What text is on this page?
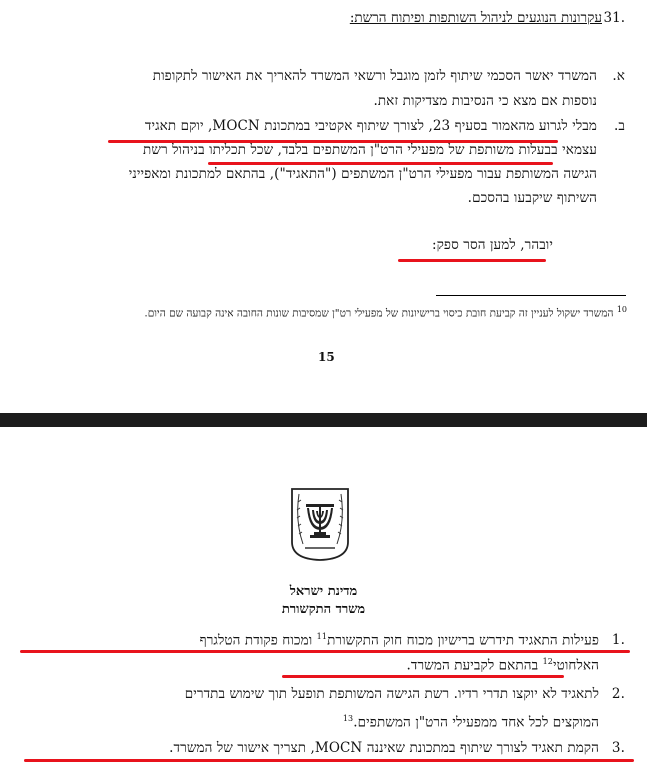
31.
עקרונות הנוגעים לניהול השותפות ופיתוח הרשת:
א.
המשרד יאשר הסכמי שיתוף לזמן מוגבל ורשאי המשרד להאריך את האישור לתקופות
נוספות אם מצא כי הנסיבות מצדיקות זאת.
ב.
מבלי לגרוע מהאמור בסעיף 23, לצורך שיתוף אקטיבי במתכונת MOCN, יוקם תאגיד
עצמאי בבעלות משותפת של מפעילי הרט"ן המשתפים בלבד, שכל תכליתו בניהול רשת
הגישה המשותפת עבור מפעילי הרט"ן המשתפים ("התאגיד"), בהתאם למתכונת ומאפייני
השיתוף שיקבעו בהסכם.
יובהר, למען הסר ספק:
$^{10}$ המשרד ישקול לעניין זה קביעת חובת כיסוי ברישיונות של מפעילי רט"ן שמסיבות שונות החובה אינה קבועה שם היום.
15
מדינת ישראל
משרד התקשורת
1.
פעילות התאגיד תידרש ברישיון מכוח חוק התקשורת$^{11}$ ומכוח פקודת הטלגרף
האלחוטי$^{12}$ בהתאם לקביעת המשרד.
2.
לתאגיד לא יוקצו תדרי רדיו. רשת הגישה המשותפת תופעל תוך שימוש בתדרים
המוקצים לכל אחד ממפעילי הרט"ן המשתפים.$^{13}$
3.
הקמת תאגיד לצורך שיתוף במתכונת שאיננה MOCN, תצריך אישור של המשרד.
